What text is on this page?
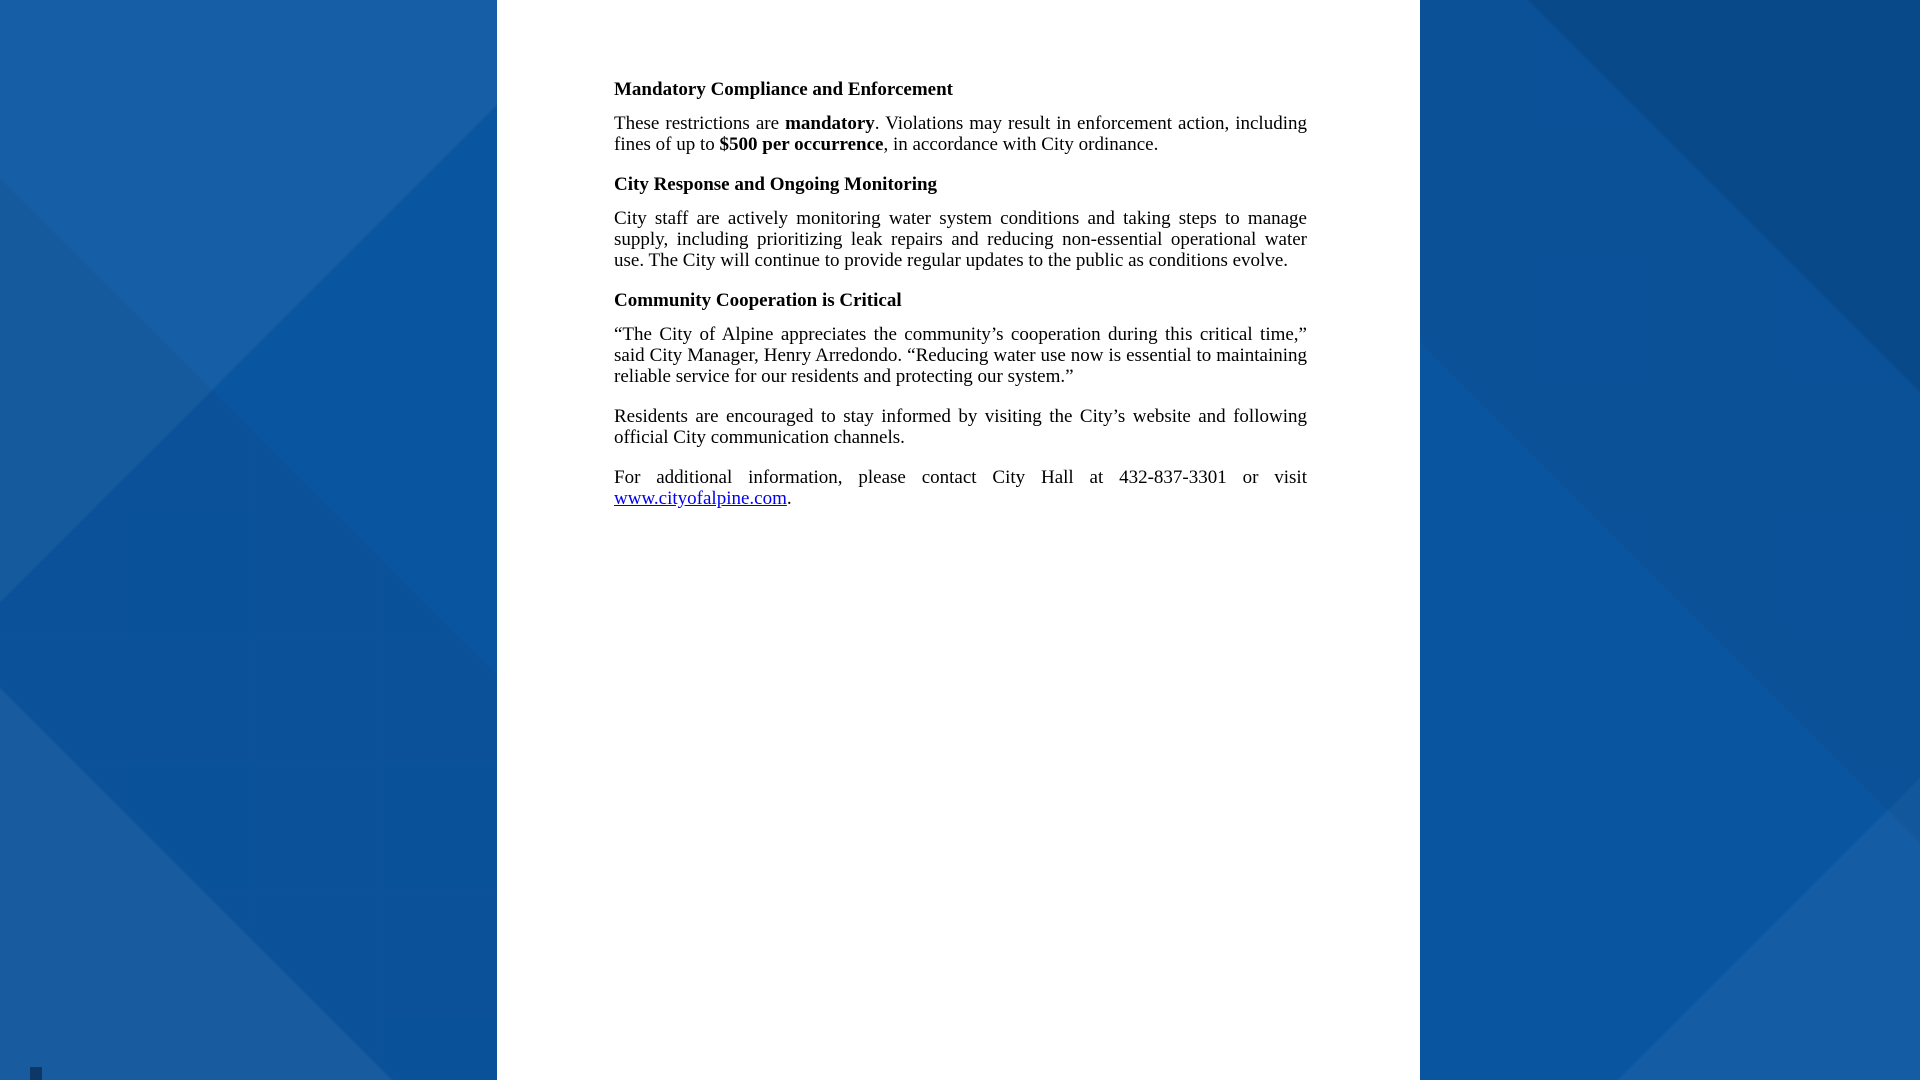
Mandatory Compliance and Enforcement

These restrictions are mandatory. Violations may result in enforcement action, including fines of up to $500 per occurrence, in accordance with City ordinance.

City Response and Ongoing Monitoring

City staff are actively monitoring water system conditions and taking steps to manage supply, including prioritizing leak repairs and reducing non-essential operational water use. The City will continue to provide regular updates to the public as conditions evolve.

Community Cooperation is Critical

“The City of Alpine appreciates the community’s cooperation during this critical time,” said City Manager, Henry Arredondo. “Reducing water use now is essential to maintaining reliable service for our residents and protecting our system.”

Residents are encouraged to stay informed by visiting the City’s website and following official City communication channels.

For additional information, please contact City Hall at 432-837-3301 or visit www.cityofalpine.com.
